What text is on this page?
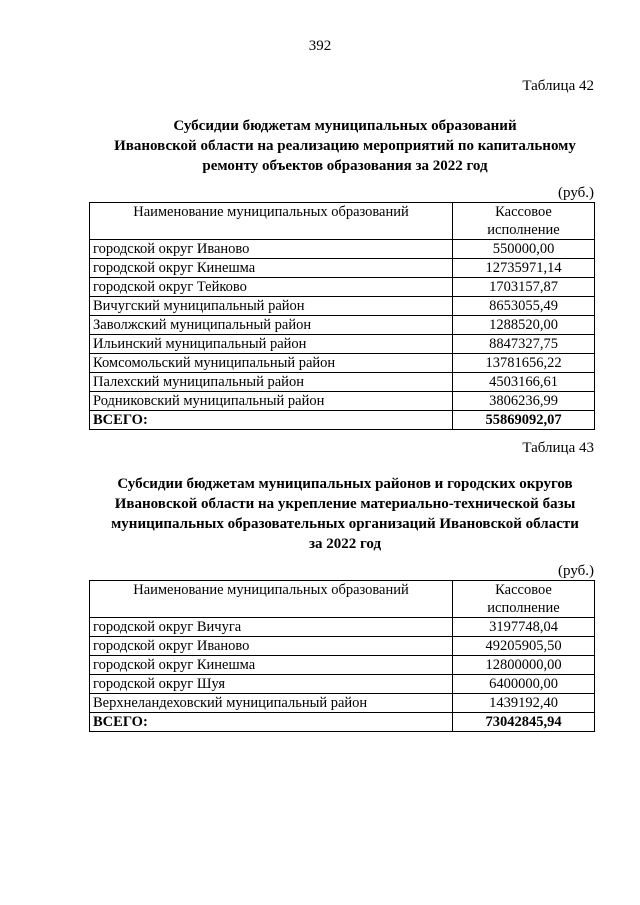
392
Таблица 42
Субсидии бюджетам муниципальных образований
Ивановской области на реализацию мероприятий по капитальному
ремонту объектов образования за 2022 год
(руб.)
Наименование муниципальных образований	Кассовое
исполнение
городской округ Иваново	550000,00
городской округ Кинешма	12735971,14
городской округ Тейково	1703157,87
Вичугский муниципальный район	8653055,49
Заволжский муниципальный район	1288520,00
Ильинский муниципальный район	8847327,75
Комсомольский муниципальный район	13781656,22
Палехский муниципальный район	4503166,61
Родниковский муниципальный район	3806236,99
ВСЕГО:	55869092,07
Таблица 43
Субсидии бюджетам муниципальных районов и городских округов
Ивановской области на укрепление материально-технической базы
муниципальных образовательных организаций Ивановской области
за 2022 год
(руб.)
Наименование муниципальных образований	Кассовое
исполнение
городской округ Вичуга	3197748,04
городской округ Иваново	49205905,50
городской округ Кинешма	12800000,00
городской округ Шуя	6400000,00
Верхнеландеховский муниципальный район	1439192,40
ВСЕГО:	73042845,94
